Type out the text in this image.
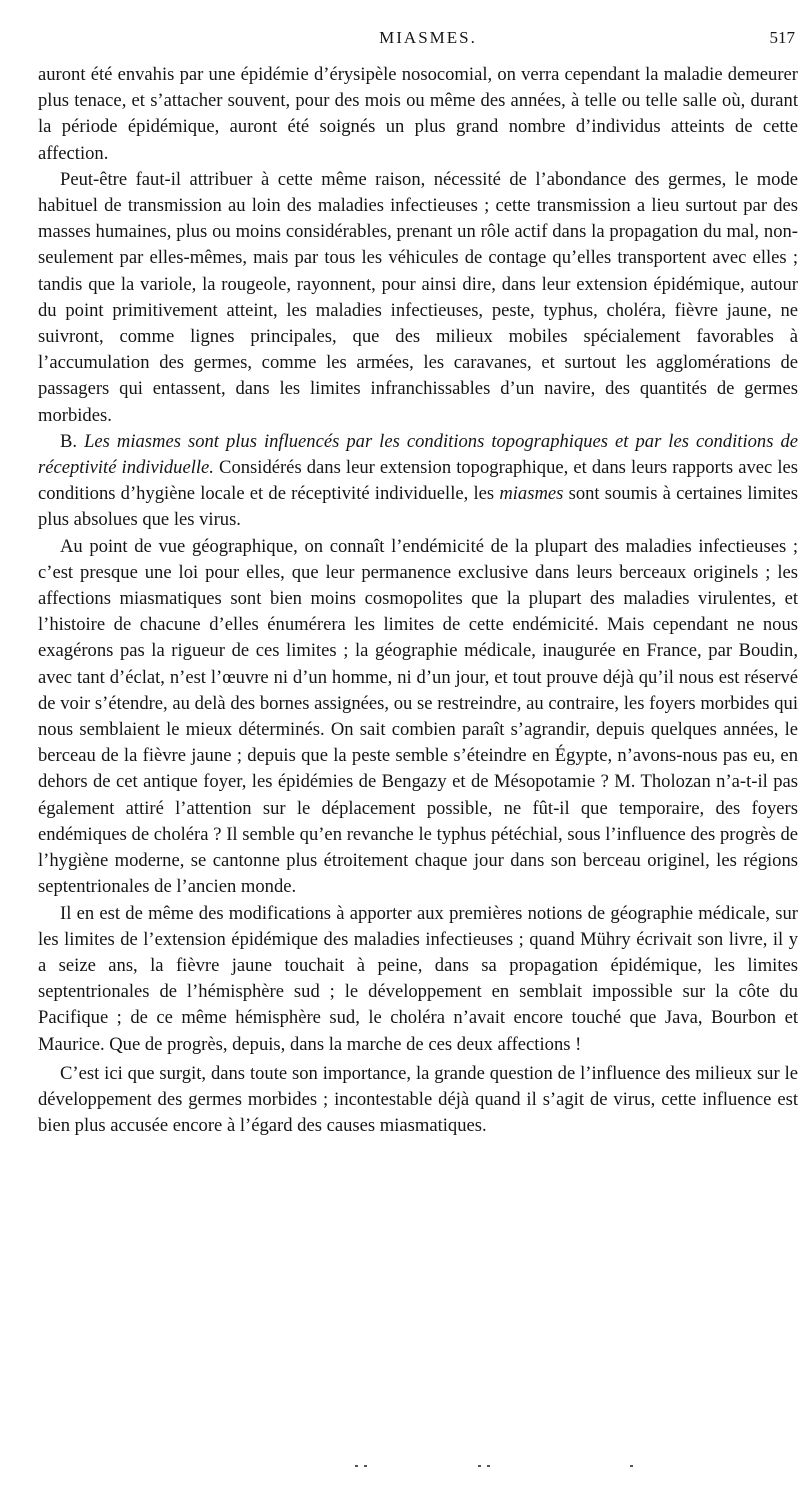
MIASMES.	517

auront été envahis par une épidémie d’érysipèle nosocomial, on verra cependant la maladie demeurer plus tenace, et s’attacher souvent, pour des mois ou même des années, à telle ou telle salle où, durant la période épidémique, auront été soignés un plus grand nombre d’individus atteints de cette affection.

Peut-être faut-il attribuer à cette même raison, nécessité de l’abondance des germes, le mode habituel de transmission au loin des maladies infectieuses ; cette transmission a lieu surtout par des masses humaines, plus ou moins considérables, prenant un rôle actif dans la propagation du mal, non-seulement par elles-mêmes, mais par tous les véhicules de contage qu’elles transportent avec elles ; tandis que la variole, la rougeole, rayonnent, pour ainsi dire, dans leur extension épidémique, autour du point primitivement atteint, les maladies infectieuses, peste, typhus, choléra, fièvre jaune, ne suivront, comme lignes principales, que des milieux mobiles spécialement favorables à l’accumulation des germes, comme les armées, les caravanes, et surtout les agglomérations de passagers qui entassent, dans les limites infranchissables d’un navire, des quantités de germes morbides.

B. Les miasmes sont plus influencés par les conditions topographiques et par les conditions de réceptivité individuelle. Considérés dans leur extension topographique, et dans leurs rapports avec les conditions d’hygiène locale et de réceptivité individuelle, les miasmes sont soumis à certaines limites plus absolues que les virus.

Au point de vue géographique, on connaît l’endémicité de la plupart des maladies infectieuses ; c’est presque une loi pour elles, que leur permanence exclusive dans leurs berceaux originels ; les affections miasmatiques sont bien moins cosmopolites que la plupart des maladies virulentes, et l’histoire de chacune d’elles énumérera les limites de cette endémicité. Mais cependant ne nous exagérons pas la rigueur de ces limites ; la géographie médicale, inaugurée en France, par Boudin, avec tant d’éclat, n’est l’œuvre ni d’un homme, ni d’un jour, et tout prouve déjà qu’il nous est réservé de voir s’étendre, au delà des bornes assignées, ou se restreindre, au contraire, les foyers morbides qui nous semblaient le mieux déterminés. On sait combien paraît s’agrandir, depuis quelques années, le berceau de la fièvre jaune ; depuis que la peste semble s’éteindre en Égypte, n’avons-nous pas eu, en dehors de cet antique foyer, les épidémies de Bengazy et de Mésopotamie ? M. Tholozan n’a-t-il pas également attiré l’attention sur le déplacement possible, ne fût-il que temporaire, des foyers endémiques de choléra ? Il semble qu’en revanche le typhus pétéchial, sous l’influence des progrès de l’hygiène moderne, se cantonne plus étroitement chaque jour dans son berceau originel, les régions septentrionales de l’ancien monde.

Il en est de même des modifications à apporter aux premières notions de géographie médicale, sur les limites de l’extension épidémique des maladies infectieuses ; quand Mühry écrivait son livre, il y a seize ans, la fièvre jaune touchait à peine, dans sa propagation épidémique, les limites septentrionales de l’hémisphère sud ; le développement en semblait impossible sur la côte du Pacifique ; de ce même hémisphère sud, le choléra n’avait encore touché que Java, Bourbon et Maurice. Que de progrès, depuis, dans la marche de ces deux affections !

C’est ici que surgit, dans toute son importance, la grande question de l’influence des milieux sur le développement des germes morbides ; incontestable déjà quand il s’agit de virus, cette influence est bien plus accusée encore à l’égard des causes miasmatiques.
